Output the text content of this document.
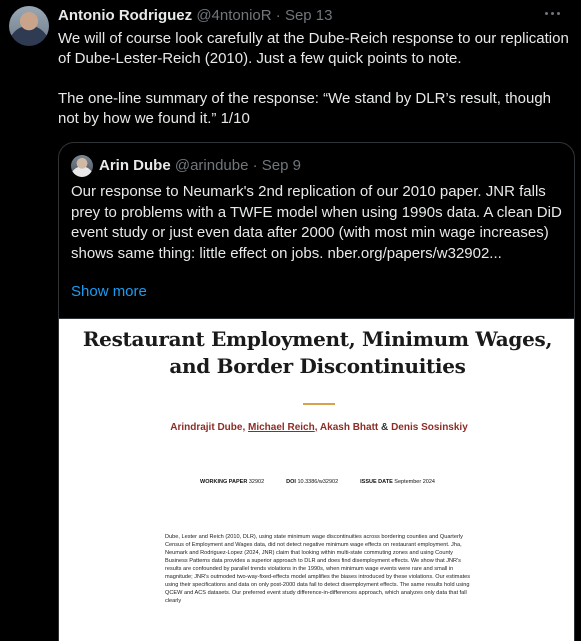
Antonio Rodriguez @4ntonioR · Sep 13

We will of course look carefully at the Dube-Reich response to our replication of Dube-Lester-Reich (2010). Just a few quick points to note.

The one-line summary of the response: “We stand by DLR’s result, though not by how we found it.” 1/10

Arin Dube @arindube · Sep 9
Our response to Neumark's 2nd replication of our 2010 paper. JNR falls prey to problems with a TWFE model when using 1990s data. A clean DiD event study or just even data after 2000 (with most min wage increases) shows same thing: little effect on jobs. nber.org/papers/w32902...
Show more
Restaurant Employment, Minimum Wages, and Border Discontinuities
Arindrajit Dube, Michael Reich, Akash Bhatt & Denis Sosinskiy
WORKING PAPER 32902	DOI 10.3386/w32902	ISSUE DATE September 2024
Dube, Lester and Reich (2010, DLR), using state minimum wage discontinuities across bordering counties and Quarterly Census of Employment and Wages data, did not detect negative minimum wage effects on restaurant employment. Jha, Neumark and Rodriguez-Lopez (2024, JNR) claim that looking within multi-state commuting zones and using County Business Patterns data provides a superior approach to DLR and does find disemployment effects. We show that JNR's results are confounded by parallel trends violations in the 1990s, when minimum wage events were rare and small in magnitude; JNR's outmoded two-way-fixed-effects model amplifies the biases introduced by these violations. Our estimates using their specifications and data on only post-2000 data fail to detect disemployment effects. The same results hold using QCEW and ACS datasets. Our preferred event study difference-in-differences approach, which analyzes only data that fall clearly
